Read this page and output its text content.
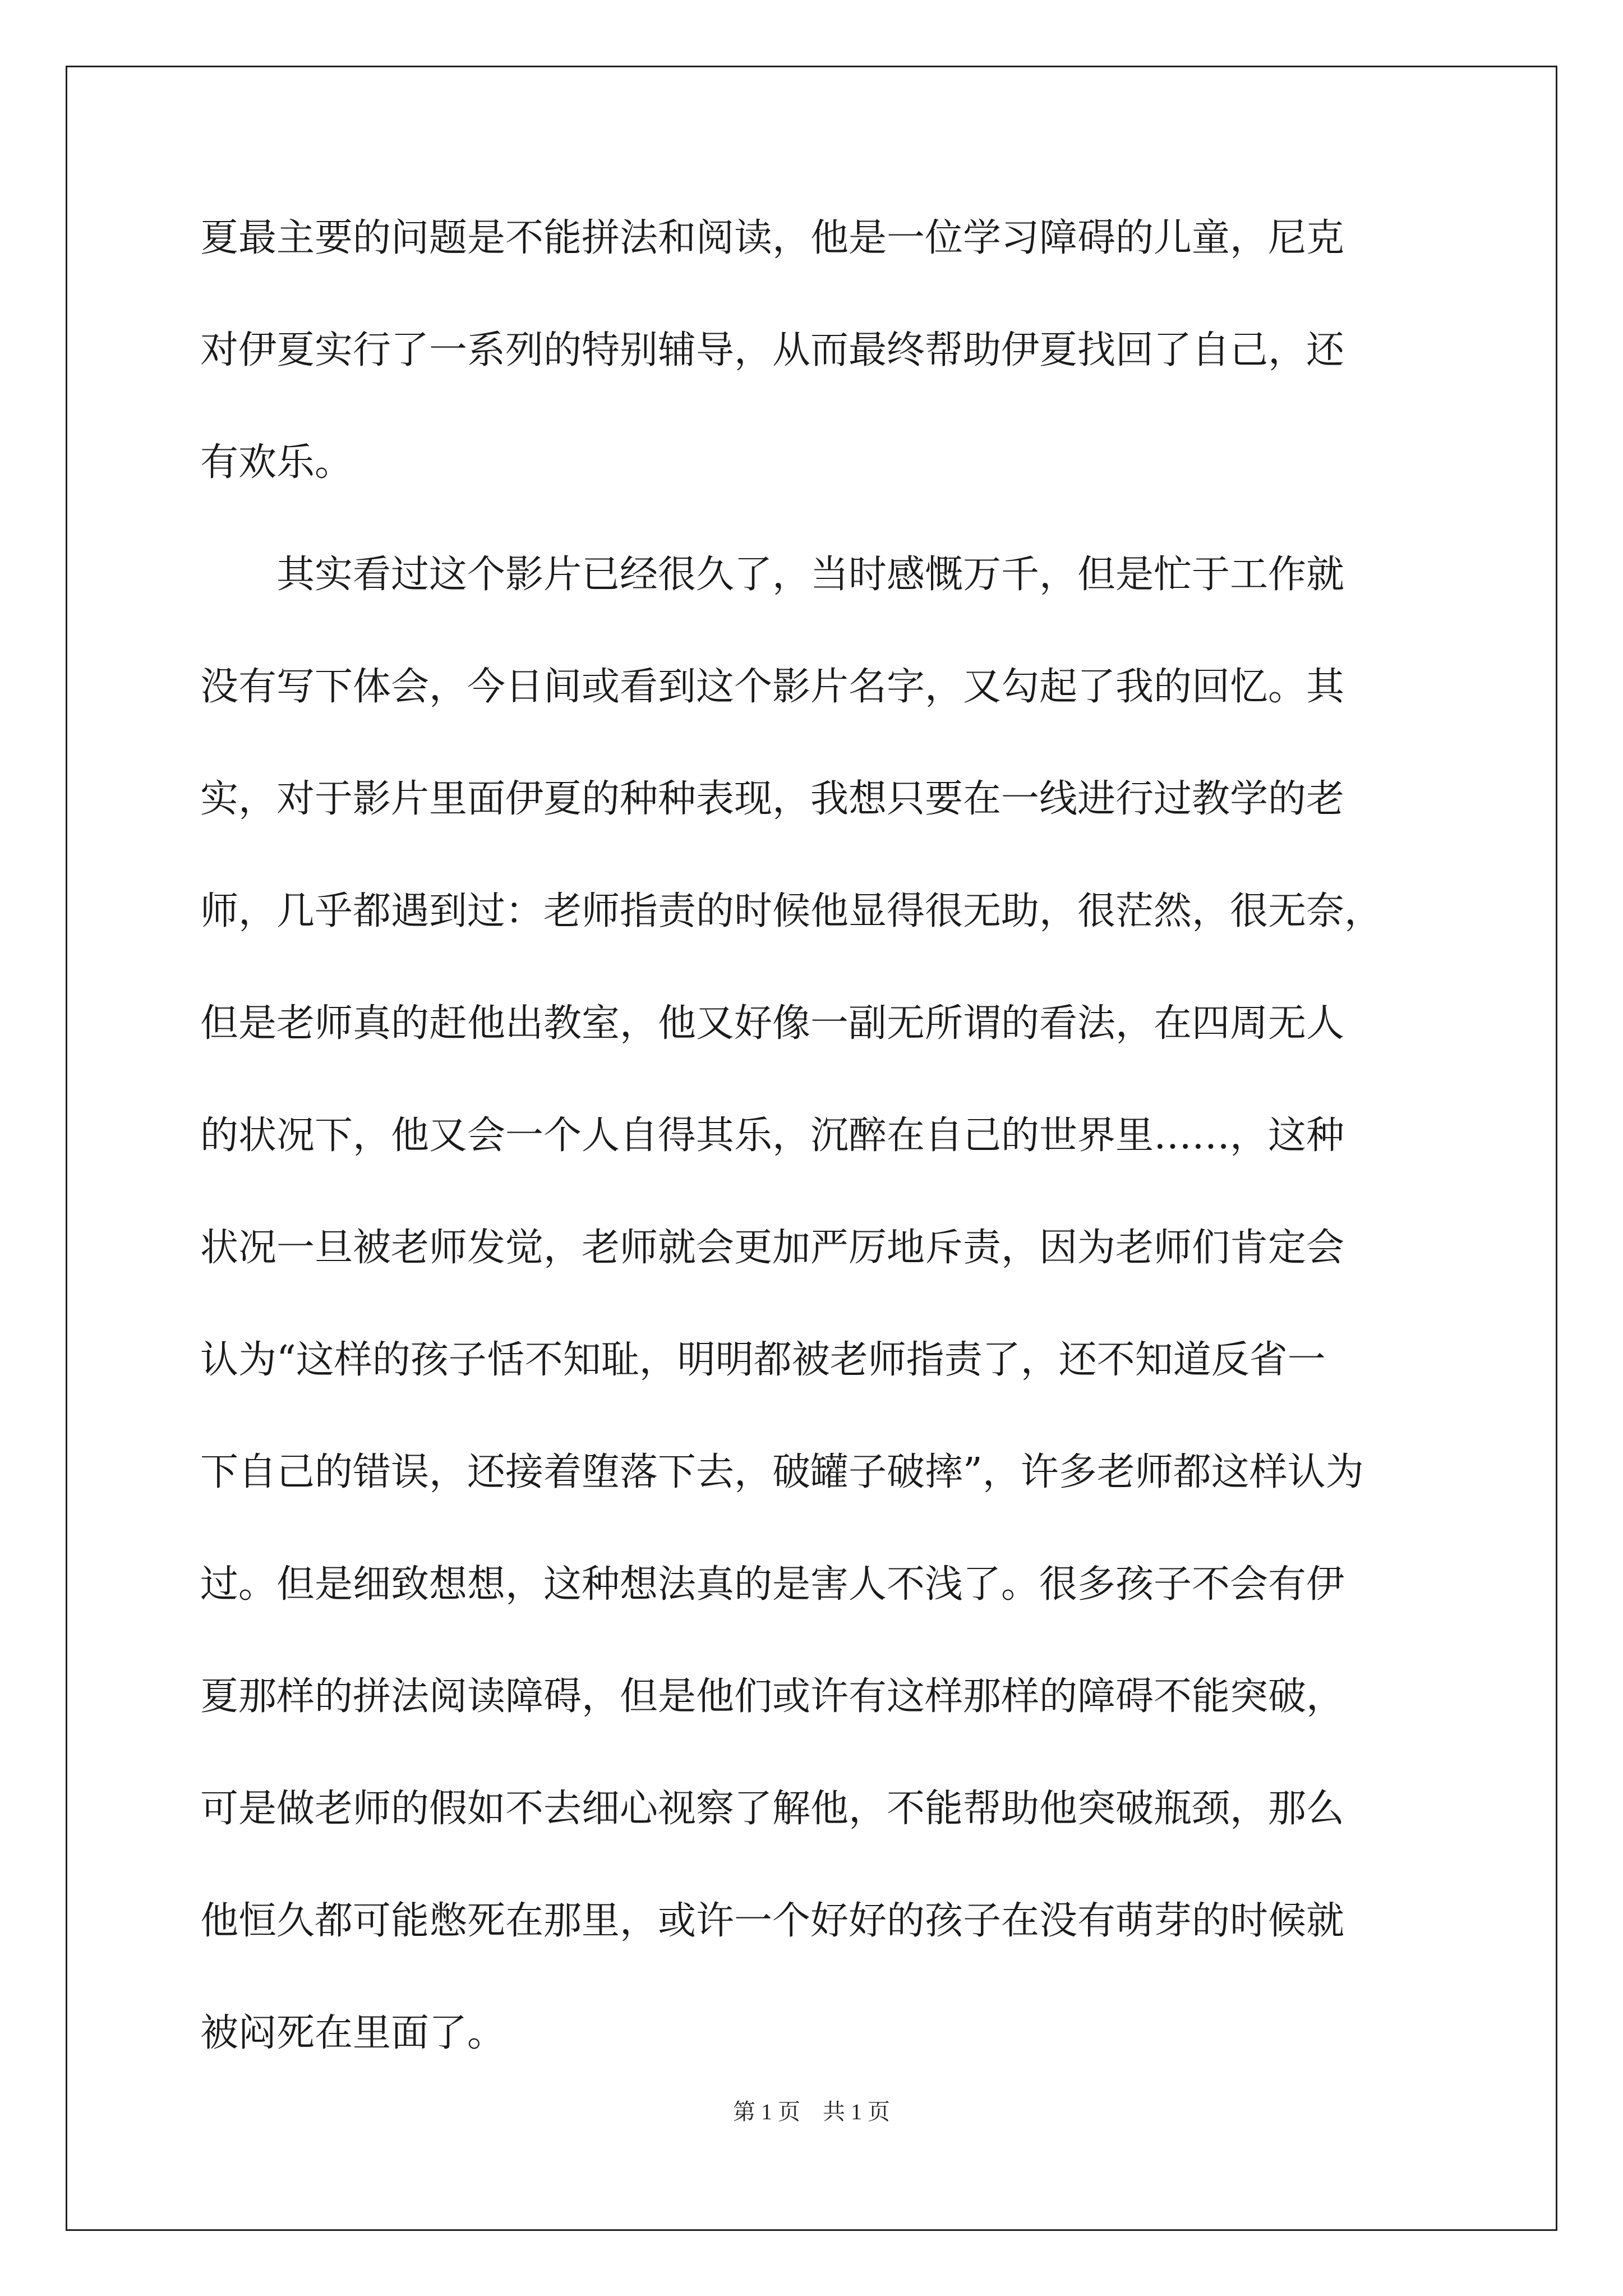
夏最主要的问题是不能拼法和阅读，他是一位学习障碍的儿童，尼克
对伊夏实行了一系列的特别辅导，从而最终帮助伊夏找回了自己，还
有欢乐。
　　其实看过这个影片已经很久了，当时感慨万千，但是忙于工作就
没有写下体会，今日间或看到这个影片名字，又勾起了我的回忆。其
实，对于影片里面伊夏的种种表现，我想只要在一线进行过教学的老
师，几乎都遇到过：老师指责的时候他显得很无助，很茫然，很无奈，
但是老师真的赶他出教室，他又好像一副无所谓的看法，在四周无人
的状况下，他又会一个人自得其乐，沉醉在自己的世界里……，这种
状况一旦被老师发觉，老师就会更加严厉地斥责，因为老师们肯定会
认为“这样的孩子恬不知耻，明明都被老师指责了，还不知道反省一
下自己的错误，还接着堕落下去，破罐子破摔”，许多老师都这样认为
过。但是细致想想，这种想法真的是害人不浅了。很多孩子不会有伊
夏那样的拼法阅读障碍，但是他们或许有这样那样的障碍不能突破，
可是做老师的假如不去细心视察了解他，不能帮助他突破瓶颈，那么
他恒久都可能憋死在那里，或许一个好好的孩子在没有萌芽的时候就
被闷死在里面了。
第 1 页　共 1 页
